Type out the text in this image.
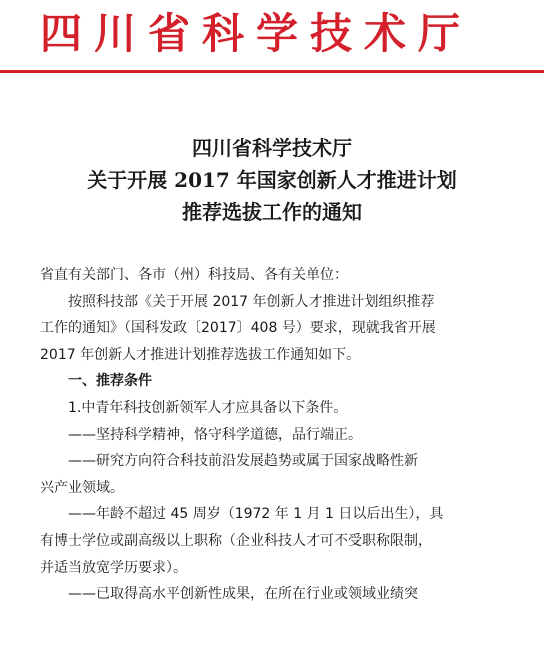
四川省科学技术厅
四川省科学技术厅
关于开展 2017 年国家创新人才推进计划
推荐选拔工作的通知

省直有关部门、各市（州）科技局、各有关单位：

按照科技部《关于开展 2017 年创新人才推进计划组织推荐

工作的通知》（国科发政〔2017〕408 号）要求，现就我省开展

2017 年创新人才推进计划推荐选拔工作通知如下。

一、推荐条件

1.中青年科技创新领军人才应具备以下条件。

——坚持科学精神，恪守科学道德，品行端正。

——研究方向符合科技前沿发展趋势或属于国家战略性新

兴产业领域。

——年龄不超过 45 周岁（1972 年 1 月 1 日以后出生），具

有博士学位或副高级以上职称（企业科技人才可不受职称限制，

并适当放宽学历要求）。

——已取得高水平创新性成果，在所在行业或领域业绩突
